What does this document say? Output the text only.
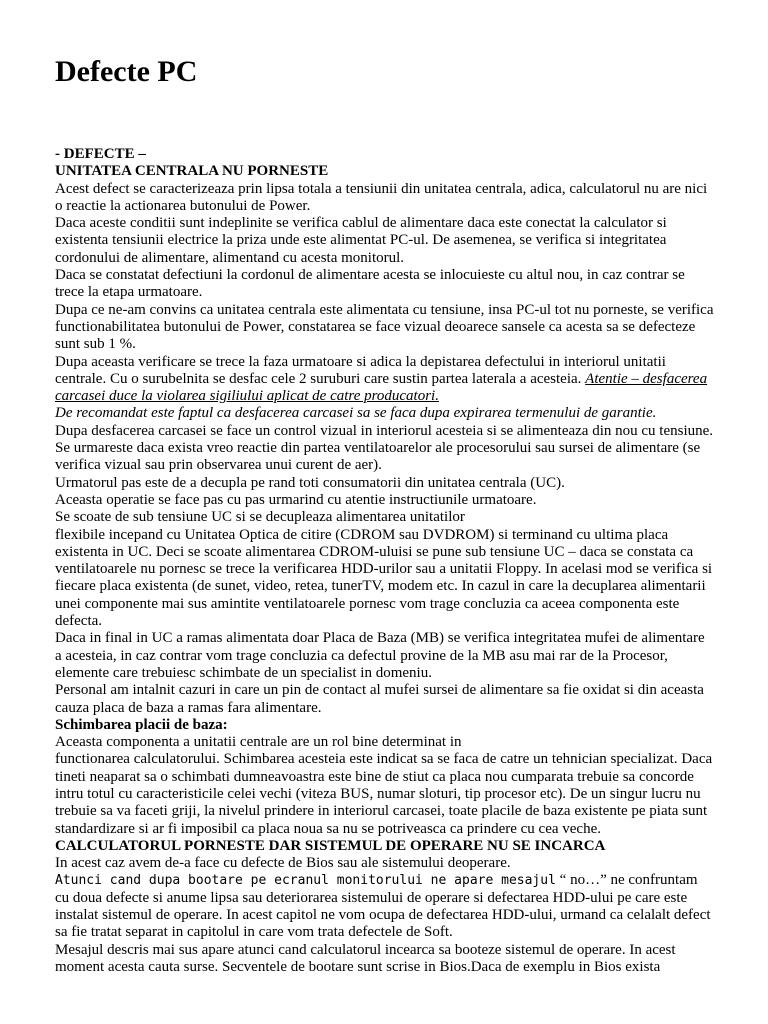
Defecte PC

- DEFECTE –

UNITATEA CENTRALA NU PORNESTE

Acest defect se caracterizeaza prin lipsa totala a tensiunii din unitatea centrala, adica, calculatorul nu are nici o reactie la actionarea butonului de Power.

Daca aceste conditii sunt indeplinite se verifica cablul de alimentare daca este conectat la calculator si existenta tensiunii electrice la priza unde este alimentat PC-ul. De asemenea, se verifica si integritatea cordonului de alimentare, alimentand cu acesta monitorul.

Daca se constatat defectiuni la cordonul de alimentare acesta se inlocuieste cu altul nou, in caz contrar se trece la etapa urmatoare.

Dupa ce ne-am convins ca unitatea centrala este alimentata cu tensiune, insa PC-ul tot nu porneste, se verifica functionabilitatea butonului de Power, constatarea se face vizual deoarece sansele ca acesta sa se defecteze sunt sub 1 %.

Dupa aceasta verificare se trece la faza urmatoare si adica la depistarea defectului in interiorul unitatii centrale. Cu o surubelnita se desfac cele 2 suruburi care sustin partea laterala a acesteia. Atentie – desfacerea carcasei duce la violarea sigiliului aplicat de catre producatori.

De recomandat este faptul ca desfacerea carcasei sa se faca dupa expirarea termenului de garantie.

Dupa desfacerea carcasei se face un control vizual in interiorul acesteia si se alimenteaza din nou cu tensiune. Se urmareste daca exista vreo reactie din partea ventilatoarelor ale procesorului sau sursei de alimentare (se verifica vizual sau prin observarea unui curent de aer).

Urmatorul pas este de a decupla pe rand toti consumatorii din unitatea centrala (UC).

Aceasta operatie se face pas cu pas urmarind cu atentie instructiunile urmatoare.

Se scoate de sub tensiune UC si se decupleaza alimentarea unitatilor

flexibile incepand cu Unitatea Optica de citire (CDROM sau DVDROM) si terminand cu ultima placa existenta in UC. Deci se scoate alimentarea CDROM-uluisi se pune sub tensiune UC – daca se constata ca ventilatoarele nu pornesc se trece la verificarea HDD-urilor sau a unitatii Floppy. In acelasi mod se verifica si fiecare placa existenta (de sunet, video, retea, tunerTV, modem etc. In cazul in care la decuplarea alimentarii unei componente mai sus amintite ventilatoarele pornesc vom trage concluzia ca aceea componenta este defecta.

Daca in final in UC a ramas alimentata doar Placa de Baza (MB) se verifica integritatea mufei de alimentare a acesteia, in caz contrar vom trage concluzia ca defectul provine de la MB asu mai rar de la Procesor, elemente care trebuiesc schimbate de un specialist in domeniu.

Personal am intalnit cazuri in care un pin de contact al mufei sursei de alimentare sa fie oxidat si din aceasta cauza placa de baza a ramas fara alimentare.

Schimbarea placii de baza:

Aceasta componenta a unitatii centrale are un rol bine determinat in

functionarea calculatorului. Schimbarea acesteia este indicat sa se faca de catre un tehnician specializat. Daca tineti neaparat sa o schimbati dumneavoastra este bine de stiut ca placa nou cumparata trebuie sa concorde intru totul cu caracteristicile celei vechi (viteza BUS, numar sloturi, tip procesor etc). De un singur lucru nu trebuie sa va faceti griji, la nivelul prindere in interiorul carcasei, toate placile de baza existente pe piata sunt standardizare si ar fi imposibil ca placa noua sa nu se potriveasca ca prindere cu cea veche.

CALCULATORUL PORNESTE DAR SISTEMUL DE OPERARE NU SE INCARCA

In acest caz avem de-a face cu defecte de Bios sau ale sistemului deoperare.

Atunci cand dupa bootare pe ecranul monitorului ne apare mesajul “ no…” ne confruntam cu doua defecte si anume lipsa sau deteriorarea sistemului de operare si defectarea HDD-ului pe care este instalat sistemul de operare. In acest capitol ne vom ocupa de defectarea HDD-ului, urmand ca celalalt defect sa fie tratat separat in capitolul in care vom trata defectele de Soft.

Mesajul descris mai sus apare atunci cand calculatorul incearca sa booteze sistemul de operare. In acest moment acesta cauta surse. Secventele de bootare sunt scrise in Bios.Daca de exemplu in Bios exista
